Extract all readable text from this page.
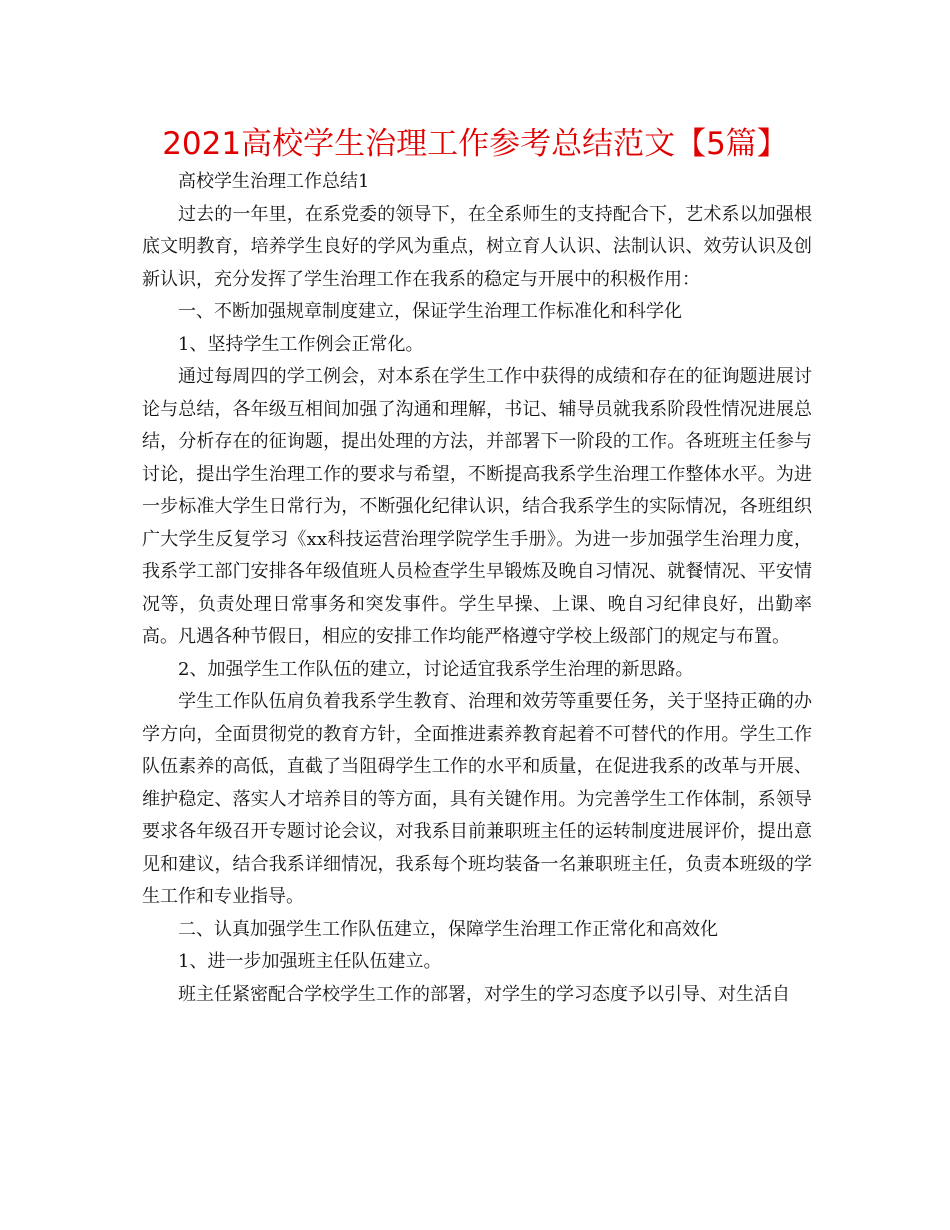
2021高校学生治理工作参考总结范文【5篇】

高校学生治理工作总结1

过去的一年里，在系党委的领导下，在全系师生的支持配合下，艺术系以加强根底文明教育，培养学生良好的学风为重点，树立育人认识、法制认识、效劳认识及创新认识，充分发挥了学生治理工作在我系的稳定与开展中的积极作用：

一、不断加强规章制度建立，保证学生治理工作标准化和科学化

1、坚持学生工作例会正常化。

通过每周四的学工例会，对本系在学生工作中获得的成绩和存在的征询题进展讨论与总结，各年级互相间加强了沟通和理解，书记、辅导员就我系阶段性情况进展总结，分析存在的征询题，提出处理的方法，并部署下一阶段的工作。各班班主任参与讨论，提出学生治理工作的要求与希望，不断提高我系学生治理工作整体水平。为进一步标准大学生日常行为，不断强化纪律认识，结合我系学生的实际情况，各班组织广大学生反复学习《xx科技运营治理学院学生手册》。为进一步加强学生治理力度，我系学工部门安排各年级值班人员检查学生早锻炼及晚自习情况、就餐情况、平安情况等，负责处理日常事务和突发事件。学生早操、上课、晚自习纪律良好，出勤率高。凡遇各种节假日，相应的安排工作均能严格遵守学校上级部门的规定与布置。

2、加强学生工作队伍的建立，讨论适宜我系学生治理的新思路。

学生工作队伍肩负着我系学生教育、治理和效劳等重要任务，关于坚持正确的办学方向，全面贯彻党的教育方针，全面推进素养教育起着不可替代的作用。学生工作队伍素养的高低，直截了当阻碍学生工作的水平和质量，在促进我系的改革与开展、维护稳定、落实人才培养目的等方面，具有关键作用。为完善学生工作体制，系领导要求各年级召开专题讨论会议，对我系目前兼职班主任的运转制度进展评价，提出意见和建议，结合我系详细情况，我系每个班均装备一名兼职班主任，负责本班级的学生工作和专业指导。

二、认真加强学生工作队伍建立，保障学生治理工作正常化和高效化

1、进一步加强班主任队伍建立。

班主任紧密配合学校学生工作的部署，对学生的学习态度予以引导、对生活自
